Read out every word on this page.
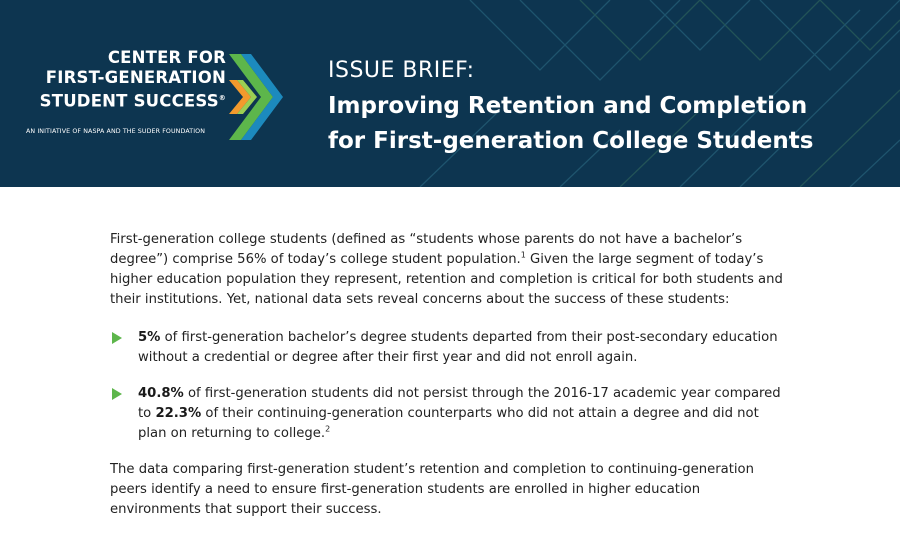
CENTER FOR
FIRST-GENERATION
STUDENT SUCCESS®
AN INITIATIVE OF NASPA AND THE SUDER FOUNDATION
ISSUE BRIEF:
Improving Retention and Completion
for First-generation College Students

First-generation college students (defined as “students whose parents do not have a bachelor’s degree”) comprise 56% of today’s college student population.$^1$ Given the large segment of today’s higher education population they represent, retention and completion is critical for both students and their institutions. Yet, national data sets reveal concerns about the success of these students:

5% of first-generation bachelor’s degree students departed from their post-secondary education without a credential or degree after their first year and did not enroll again.
40.8% of first-generation students did not persist through the 2016-17 academic year compared to 22.3% of their continuing-generation counterparts who did not attain a degree and did not plan on returning to college.$^2$

The data comparing first-generation student’s retention and completion to continuing-generation peers identify a need to ensure first-generation students are enrolled in higher education environments that support their success.
